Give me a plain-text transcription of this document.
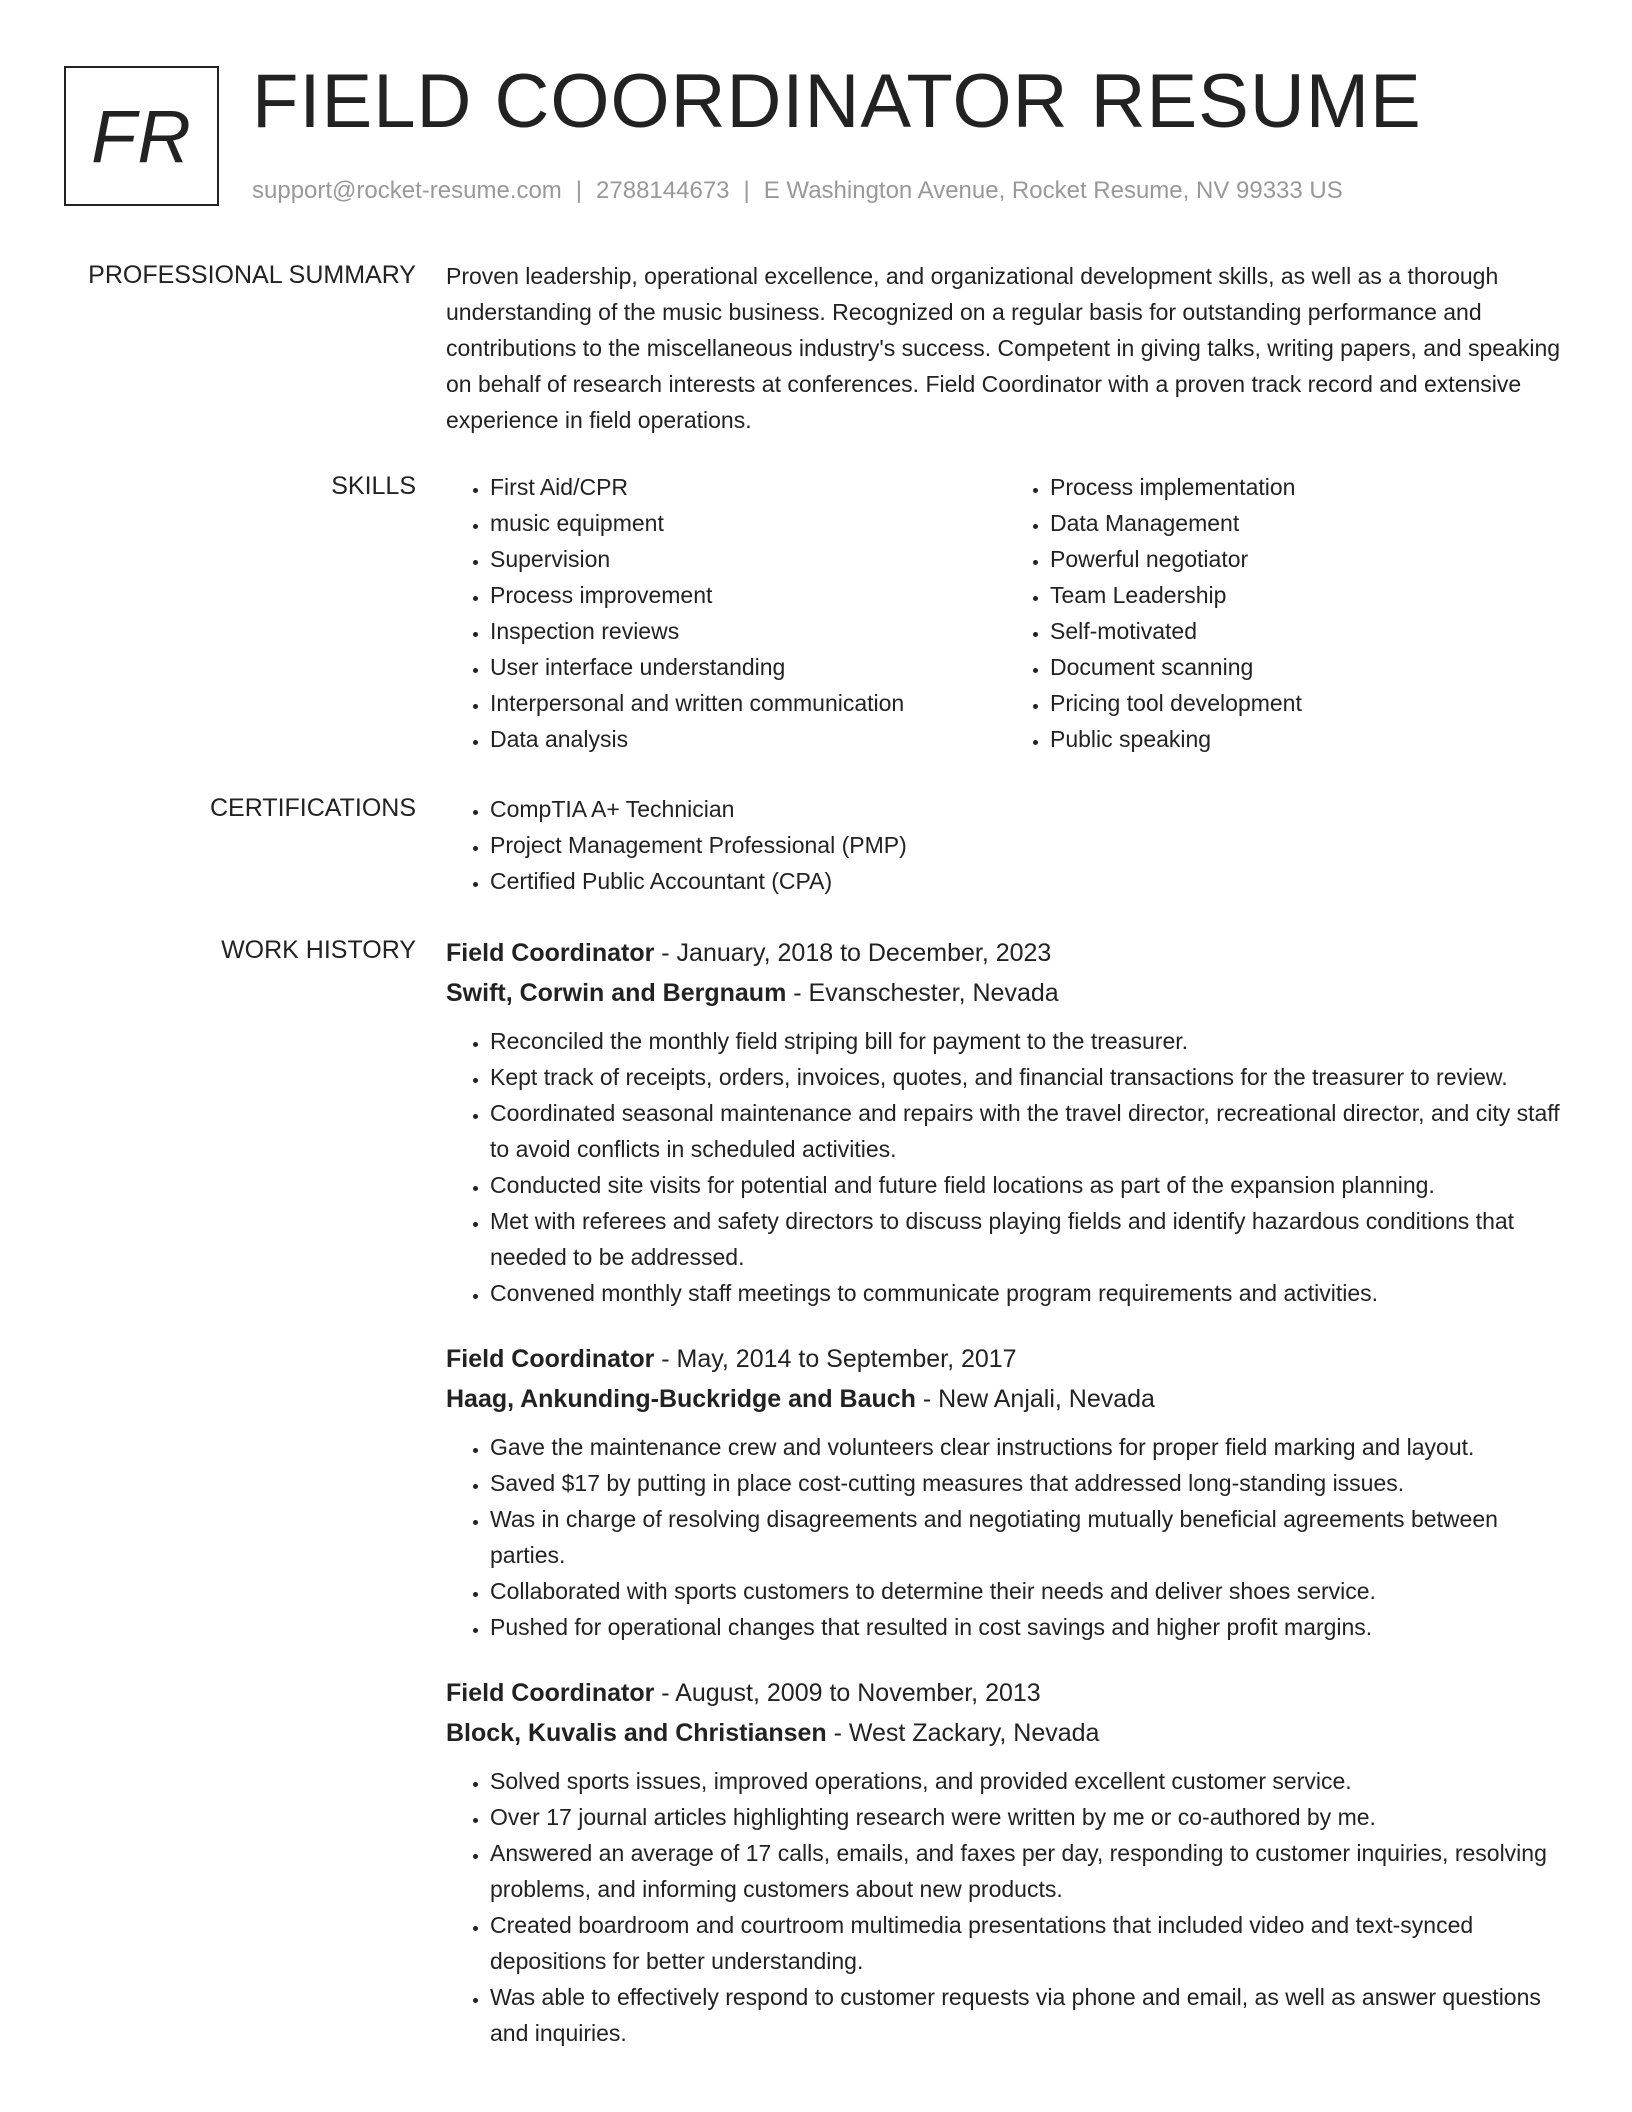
FR FIELD COORDINATOR RESUME
support@rocket-resume.com | 2788144673 | E Washington Avenue, Rocket Resume, NV 99333 US
PROFESSIONAL SUMMARY Proven leadership, operational excellence, and organizational development skills, as well as a thorough understanding of the music business. Recognized on a regular basis for outstanding performance and contributions to the miscellaneous industry's success. Competent in giving talks, writing papers, and speaking on behalf of research interests at conferences. Field Coordinator with a proven track record and extensive experience in field operations.

SKILLS	• First Aid/CPR
• music equipment
• Supervision
• Process improvement
• Inspection reviews
• User interface understanding
• Interpersonal and written communication
• Data analysis
• Process implementation
• Data Management
• Powerful negotiator
• Team Leadership
• Self-motivated
• Document scanning
• Pricing tool development
• Public speaking
CERTIFICATIONS	• CompTIA A+ Technician
• Project Management Professional (PMP)
• Certified Public Accountant (CPA)
WORK HISTORY Field Coordinator - January, 2018 to December, 2023
Swift, Corwin and Bergnaum - Evanschester, Nevada
• Reconciled the monthly field striping bill for payment to the treasurer.
• Kept track of receipts, orders, invoices, quotes, and financial transactions for the treasurer to review.
• Coordinated seasonal maintenance and repairs with the travel director, recreational director, and city staff to avoid conflicts in scheduled activities.
• Conducted site visits for potential and future field locations as part of the expansion planning.
• Met with referees and safety directors to discuss playing fields and identify hazardous conditions that needed to be addressed.
• Convened monthly staff meetings to communicate program requirements and activities.
Field Coordinator - May, 2014 to September, 2017
Haag, Ankunding-Buckridge and Bauch - New Anjali, Nevada
• Gave the maintenance crew and volunteers clear instructions for proper field marking and layout.
• Saved $17 by putting in place cost-cutting measures that addressed long-standing issues.
• Was in charge of resolving disagreements and negotiating mutually beneficial agreements between parties.
• Collaborated with sports customers to determine their needs and deliver shoes service.
• Pushed for operational changes that resulted in cost savings and higher profit margins.
Field Coordinator - August, 2009 to November, 2013
Block, Kuvalis and Christiansen - West Zackary, Nevada
• Solved sports issues, improved operations, and provided excellent customer service.
• Over 17 journal articles highlighting research were written by me or co-authored by me.
• Answered an average of 17 calls, emails, and faxes per day, responding to customer inquiries, resolving problems, and informing customers about new products.
• Created boardroom and courtroom multimedia presentations that included video and text-synced depositions for better understanding.
• Was able to effectively respond to customer requests via phone and email, as well as answer questions and inquiries.
